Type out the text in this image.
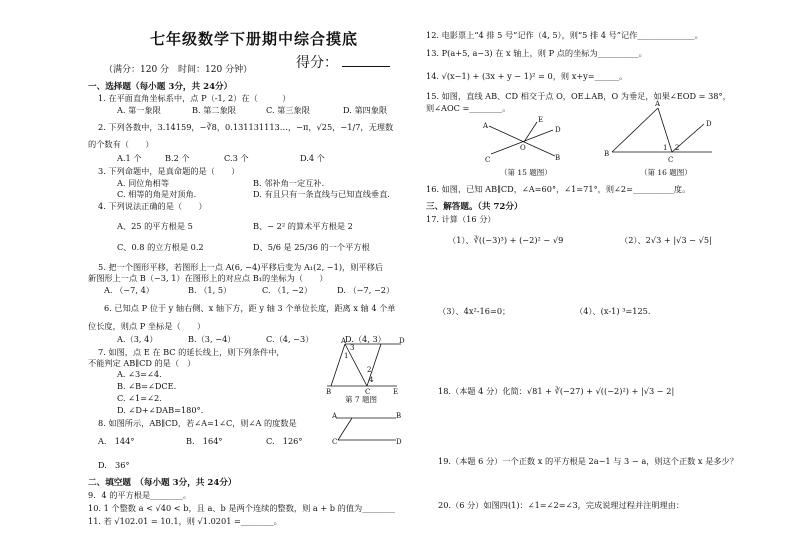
七年级数学下册期中综合摸底
（满分：120 分　时间：120 分钟）	得分：
一、选择题（每小题 3分，共 24分）
1. 在平面直角坐标系中，点 P（-1, 2）在（　　　）
A. 第一象限	B. 第二象限	C. 第三象限	D. 第四象限
2. 下列各数中，3.14159，−∛8，0.131131113…，−π，√25，−1/7，无理数
的个数有（　　）
A.1 个	B.2 个	C.3 个	D.4 个
3. 下列命题中，是真命题的是（　　）
A. 同位角相等	B. 邻补角一定互补.
C. 相等的角是对顶角.	D. 有且只有一条直线与已知直线垂直.
4. 下列说法正确的是（　　）
A、25 的平方根是 5	B、− 2² 的算术平方根是 2
C、0.8 的立方根是 0.2	D、5/6 是 25/36 的一个平方根
5. 把一个图形平移，若图形上一点 A(6, −4)平移后变为 A₁(2, −1)，则平移后
新图形上一点 B（−3, 1）在图形上的对应点 B₁的坐标为（　　）
A. （−7, 4）	B. （1, 5）	C. （1, −2）	D. （−7, −2）
6. 已知点 P 位于 y 轴右侧、x 轴下方，距 y 轴 3 个单位长度，距离 x 轴 4 个单
位长度，则点 P 坐标是（　　）
A.（3, 4）	B.（3, −4）	C.（4, −3）	D.（4, 3）
7. 如图，点 E 在 BC 的延长线上，则下列条件中，
不能判定 AB∥CD 的是（　）
A. ∠3=∠4.
B. ∠B=∠DCE.
C. ∠1=∠2.
D. ∠D+∠DAB=180°.
A	D
B	C	E
3
1
2
4
第 7 题图
8. 如图所示，AB∥CD，若∠A=1∠C，则∠A 的度数是
A	B
C	D
A.　144°	B.　164°	C.　126°
D.　36°
二、填空题　（每小题 3分，共 24分）
9．4 的平方根是________。
10. 1 个整数 a < √40 < b，且 a、b 是两个连续的整数，则 a + b 的值为________
11. 若 √102.01 = 10.1，则 √1.0201 =________。
12. 电影票上“4 排 5 号”记作（4, 5），则“5 排 4 号”记作______________。
13. P(a+5, a−3) 在 x 轴上，则 P 点的坐标为__________。
14. √(x−1) + (3x + y − 1)² = 0，则 x+y=______。
15. 如图，直线 AB、CD 相交于点 O，OE⊥AB，O 为垂足，如果∠EOD = 38°，
则∠AOC =________。
A
B
C
D
E
O
（第 15 题图）
A
B
C
D
1 2
（第 16 题图）
16. 如图，已知 AB∥CD，∠A=60°，∠1=71°，则∠2=__________度。
三、解答题。（共 72分）
17. 计算（16 分）
（1）、∛((−3)³) + (−2)² − √9	（2）、2√3 + |√3 − √5|
（3）、4x²-16=0；	（4）、(x-1) ³=125.
18.（本题 4 分）化简：√81 + ∛(−27) + √((−2)²) + |√3 − 2|
19.（本题 6 分）一个正数 x 的平方根是 2a−1 与 3 − a，则这个正数 x 是多少？
20.（6 分）如图四(1)：∠1=∠2=∠3，完成说理过程并注明理由：
